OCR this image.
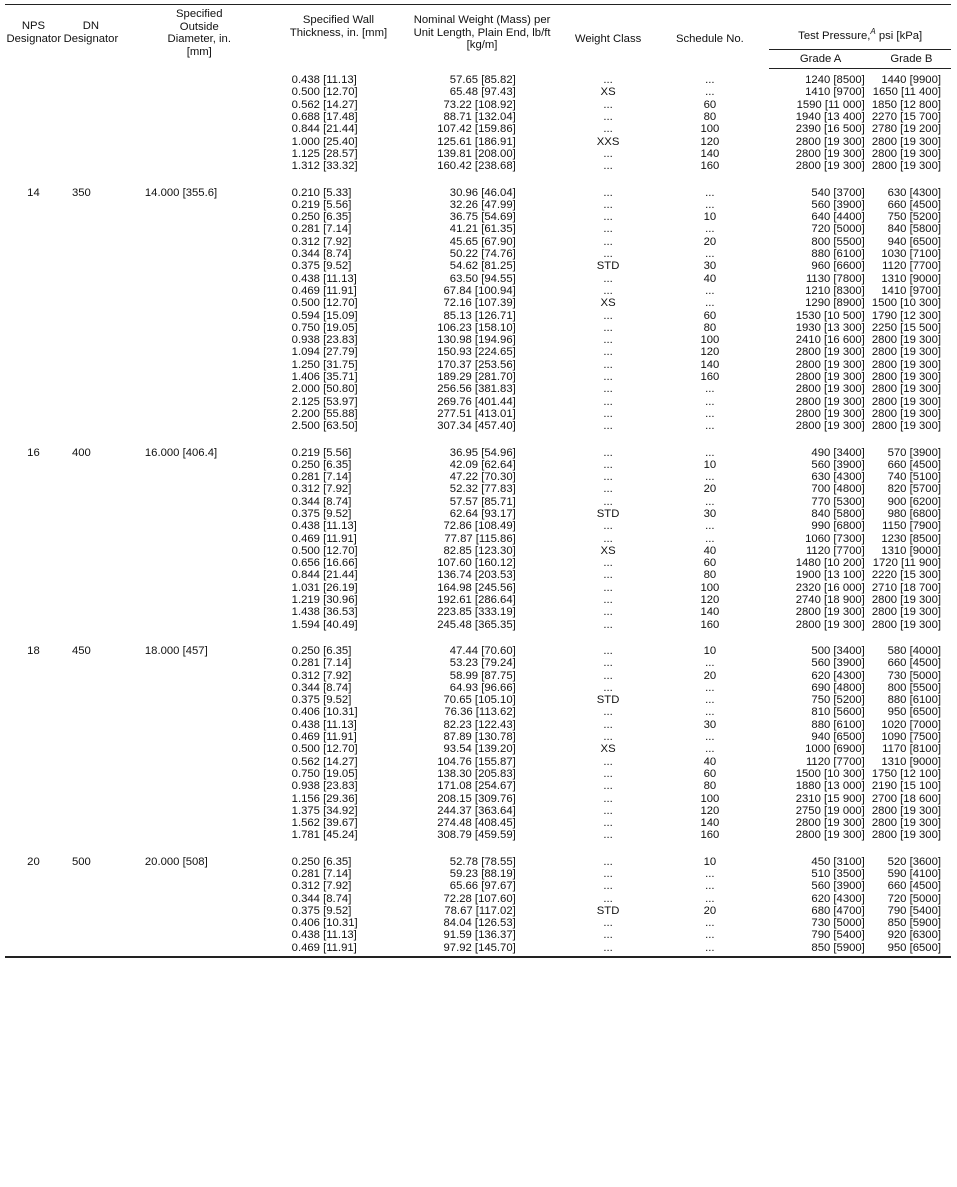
NPS Designator	DN Designator	Specified Outside Diameter, in. [mm]	Specified Wall Thickness, in. [mm]	Nominal Weight (Mass) per Unit Length, Plain End, lb/ft [kg/m]	Weight Class	Schedule No.	Test Pressure,$^A$ psi [kPa]	

							Grade A	Grade B
			0.438 [11.13]	57.65 [85.82]	...	...	1240 [8500]	1440 [9900]
			0.500 [12.70]	65.48 [97.43]	XS	...	1410 [9700]	1650 [11 400]
			0.562 [14.27]	73.22 [108.92]	...	60	1590 [11 000]	1850 [12 800]
			0.688 [17.48]	88.71 [132.04]	...	80	1940 [13 400]	2270 [15 700]
			0.844 [21.44]	107.42 [159.86]	...	100	2390 [16 500]	2780 [19 200]
			1.000 [25.40]	125.61 [186.91]	XXS	120	2800 [19 300]	2800 [19 300]
			1.125 [28.57]	139.81 [208.00]	...	140	2800 [19 300]	2800 [19 300]
			1.312 [33.32]	160.42 [238.68]	...	160	2800 [19 300]	2800 [19 300]

14	350	14.000 [355.6]	0.210 [5.33]	30.96 [46.04]	...	...	540 [3700]	630 [4300]
			0.219 [5.56]	32.26 [47.99]	...	...	560 [3900]	660 [4500]
			0.250 [6.35]	36.75 [54.69]	...	10	640 [4400]	750 [5200]
			0.281 [7.14]	41.21 [61.35]	...	...	720 [5000]	840 [5800]
			0.312 [7.92]	45.65 [67.90]	...	20	800 [5500]	940 [6500]
			0.344 [8.74]	50.22 [74.76]	...	...	880 [6100]	1030 [7100]
			0.375 [9.52]	54.62 [81.25]	STD	30	960 [6600]	1120 [7700]
			0.438 [11.13]	63.50 [94.55]	...	40	1130 [7800]	1310 [9000]
			0.469 [11.91]	67.84 [100.94]	...	...	1210 [8300]	1410 [9700]
			0.500 [12.70]	72.16 [107.39]	XS	...	1290 [8900]	1500 [10 300]
			0.594 [15.09]	85.13 [126.71]	...	60	1530 [10 500]	1790 [12 300]
			0.750 [19.05]	106.23 [158.10]	...	80	1930 [13 300]	2250 [15 500]
			0.938 [23.83]	130.98 [194.96]	...	100	2410 [16 600]	2800 [19 300]
			1.094 [27.79]	150.93 [224.65]	...	120	2800 [19 300]	2800 [19 300]
			1.250 [31.75]	170.37 [253.56]	...	140	2800 [19 300]	2800 [19 300]
			1.406 [35.71]	189.29 [281.70]	...	160	2800 [19 300]	2800 [19 300]
			2.000 [50.80]	256.56 [381.83]	...	...	2800 [19 300]	2800 [19 300]
			2.125 [53.97]	269.76 [401.44]	...	...	2800 [19 300]	2800 [19 300]
			2.200 [55.88]	277.51 [413.01]	...	...	2800 [19 300]	2800 [19 300]
			2.500 [63.50]	307.34 [457.40]	...	...	2800 [19 300]	2800 [19 300]

16	400	16.000 [406.4]	0.219 [5.56]	36.95 [54.96]	...	...	490 [3400]	570 [3900]
			0.250 [6.35]	42.09 [62.64]	...	10	560 [3900]	660 [4500]
			0.281 [7.14]	47.22 [70.30]	...	...	630 [4300]	740 [5100]
			0.312 [7.92]	52.32 [77.83]	...	20	700 [4800]	820 [5700]
			0.344 [8.74]	57.57 [85.71]	...	...	770 [5300]	900 [6200]
			0.375 [9.52]	62.64 [93.17]	STD	30	840 [5800]	980 [6800]
			0.438 [11.13]	72.86 [108.49]	...	...	990 [6800]	1150 [7900]
			0.469 [11.91]	77.87 [115.86]	...	...	1060 [7300]	1230 [8500]
			0.500 [12.70]	82.85 [123.30]	XS	40	1120 [7700]	1310 [9000]
			0.656 [16.66]	107.60 [160.12]	...	60	1480 [10 200]	1720 [11 900]
			0.844 [21.44]	136.74 [203.53]	...	80	1900 [13 100]	2220 [15 300]
			1.031 [26.19]	164.98 [245.56]	...	100	2320 [16 000]	2710 [18 700]
			1.219 [30.96]	192.61 [286.64]	...	120	2740 [18 900]	2800 [19 300]
			1.438 [36.53]	223.85 [333.19]	...	140	2800 [19 300]	2800 [19 300]
			1.594 [40.49]	245.48 [365.35]	...	160	2800 [19 300]	2800 [19 300]

18	450	18.000 [457]	0.250 [6.35]	47.44 [70.60]	...	10	500 [3400]	580 [4000]
			0.281 [7.14]	53.23 [79.24]	...	...	560 [3900]	660 [4500]
			0.312 [7.92]	58.99 [87.75]	...	20	620 [4300]	730 [5000]
			0.344 [8.74]	64.93 [96.66]	...	...	690 [4800]	800 [5500]
			0.375 [9.52]	70.65 [105.10]	STD	...	750 [5200]	880 [6100]
			0.406 [10.31]	76.36 [113.62]	...	...	810 [5600]	950 [6500]
			0.438 [11.13]	82.23 [122.43]	...	30	880 [6100]	1020 [7000]
			0.469 [11.91]	87.89 [130.78]	...	...	940 [6500]	1090 [7500]
			0.500 [12.70]	93.54 [139.20]	XS	...	1000 [6900]	1170 [8100]
			0.562 [14.27]	104.76 [155.87]	...	40	1120 [7700]	1310 [9000]
			0.750 [19.05]	138.30 [205.83]	...	60	1500 [10 300]	1750 [12 100]
			0.938 [23.83]	171.08 [254.67]	...	80	1880 [13 000]	2190 [15 100]
			1.156 [29.36]	208.15 [309.76]	...	100	2310 [15 900]	2700 [18 600]
			1.375 [34.92]	244.37 [363.64]	...	120	2750 [19 000]	2800 [19 300]
			1.562 [39.67]	274.48 [408.45]	...	140	2800 [19 300]	2800 [19 300]
			1.781 [45.24]	308.79 [459.59]	...	160	2800 [19 300]	2800 [19 300]

20	500	20.000 [508]	0.250 [6.35]	52.78 [78.55]	...	10	450 [3100]	520 [3600]
			0.281 [7.14]	59.23 [88.19]	...	...	510 [3500]	590 [4100]
			0.312 [7.92]	65.66 [97.67]	...	...	560 [3900]	660 [4500]
			0.344 [8.74]	72.28 [107.60]	...	...	620 [4300]	720 [5000]
			0.375 [9.52]	78.67 [117.02]	STD	20	680 [4700]	790 [5400]
			0.406 [10.31]	84.04 [126.53]	...	...	730 [5000]	850 [5900]
			0.438 [11.13]	91.59 [136.37]	...	...	790 [5400]	920 [6300]
			0.469 [11.91]	97.92 [145.70]	...	...	850 [5900]	950 [6500]
